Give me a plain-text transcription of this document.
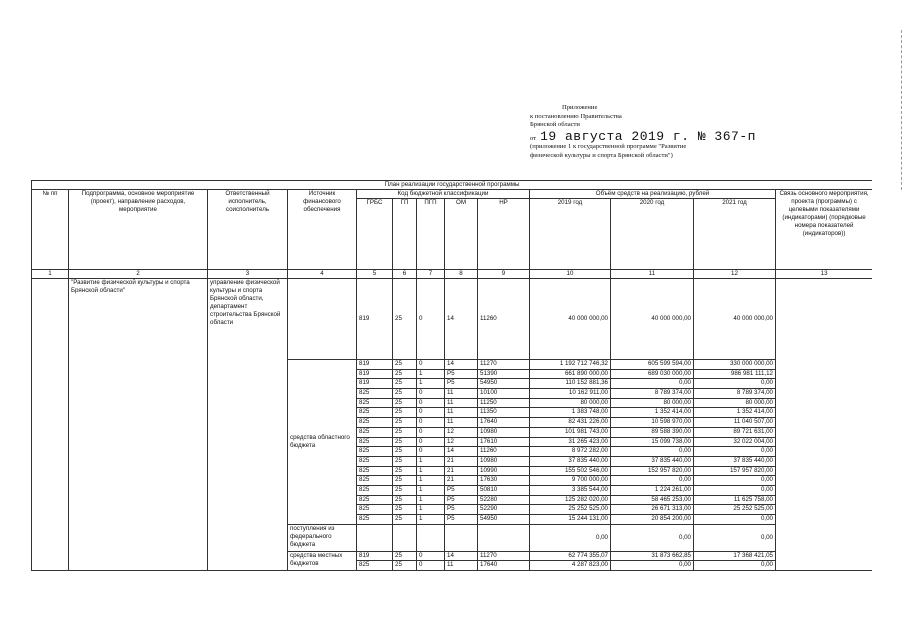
Приложение
к постановлению Правительства
Брянской области
от 19 августа 2019 г. № 367-п
(приложение 1 к государственной программе "Развитие
физической культуры и спорта Брянской области")
План реализации государственной программы												
№ пп	Подпрограмма, основное мероприятие (проект), направление расходов, мероприятие	Ответственный исполнитель, соисполнитель	Источник финансового обеспечения	Код бюджетной классификации					Объём средств на реализацию, рублей			Связь основного мероприятия, проекта (программы) с целевыми показателями (индикаторами) (порядковые номера показателей (индикаторов))
				ГРБС	ГП	ПГП	ОМ	НР	2019 год	2020 год	2021 год	
1	2	3	4	5	6	7	8	9	10	11	12	13
	"Развитие физической культуры и спорта Брянской области"	управление физической культуры и спорта Брянской области, департамент строительства Брянской области		819	25	0	14	11260	40 000 000,00	40 000 000,00	40 000 000,00	
			средства областного бюджета	819	25	0	14	11270	1 192 712 746,32	605 599 594,00	330 000 000,00	
				819	25	1	P5	51390	661 890 000,00	689 030 000,00	986 981 111,12	
				819	25	1	P5	54950	110 152 881,36	0,00	0,00	
				825	25	0	11	10100	10 162 911,00	8 789 374,00	8 789 374,00	
				825	25	0	11	11250	80 000,00	80 000,00	80 000,00	
				825	25	0	11	11350	1 383 748,00	1 352 414,00	1 352 414,00	
				825	25	0	11	17640	82 431 226,00	10 598 970,00	11 040 507,00	
				825	25	0	12	10980	101 981 743,00	89 588 390,00	89 721 631,00	
				825	25	0	12	17610	31 265 423,00	15 099 738,00	32 022 004,00	
				825	25	0	14	11260	8 972 282,00	0,00	0,00	
				825	25	1	21	10980	37 835 440,00	37 835 440,00	37 835 440,00	
				825	25	1	21	10990	155 502 546,00	152 957 820,00	157 957 820,00	
				825	25	1	21	17630	9 700 000,00	0,00	0,00	
				825	25	1	P5	50810	3 385 544,00	1 224 261,00	0,00	
				825	25	1	P5	52280	125 282 020,00	58 465 253,00	11 625 758,00	
				825	25	1	P5	52290	25 252 525,00	26 671 313,00	25 252 525,00	
				825	25	1	P5	54950	15 244 131,00	20 854 200,00	0,00	
			поступления из федерального бюджета						0,00	0,00	0,00	
			средства местных бюджетов	819	25	0	14	11270	62 774 355,07	31 873 662,85	17 368 421,05	
				825	25	0	11	17640	4 287 823,00	0,00	0,00	
